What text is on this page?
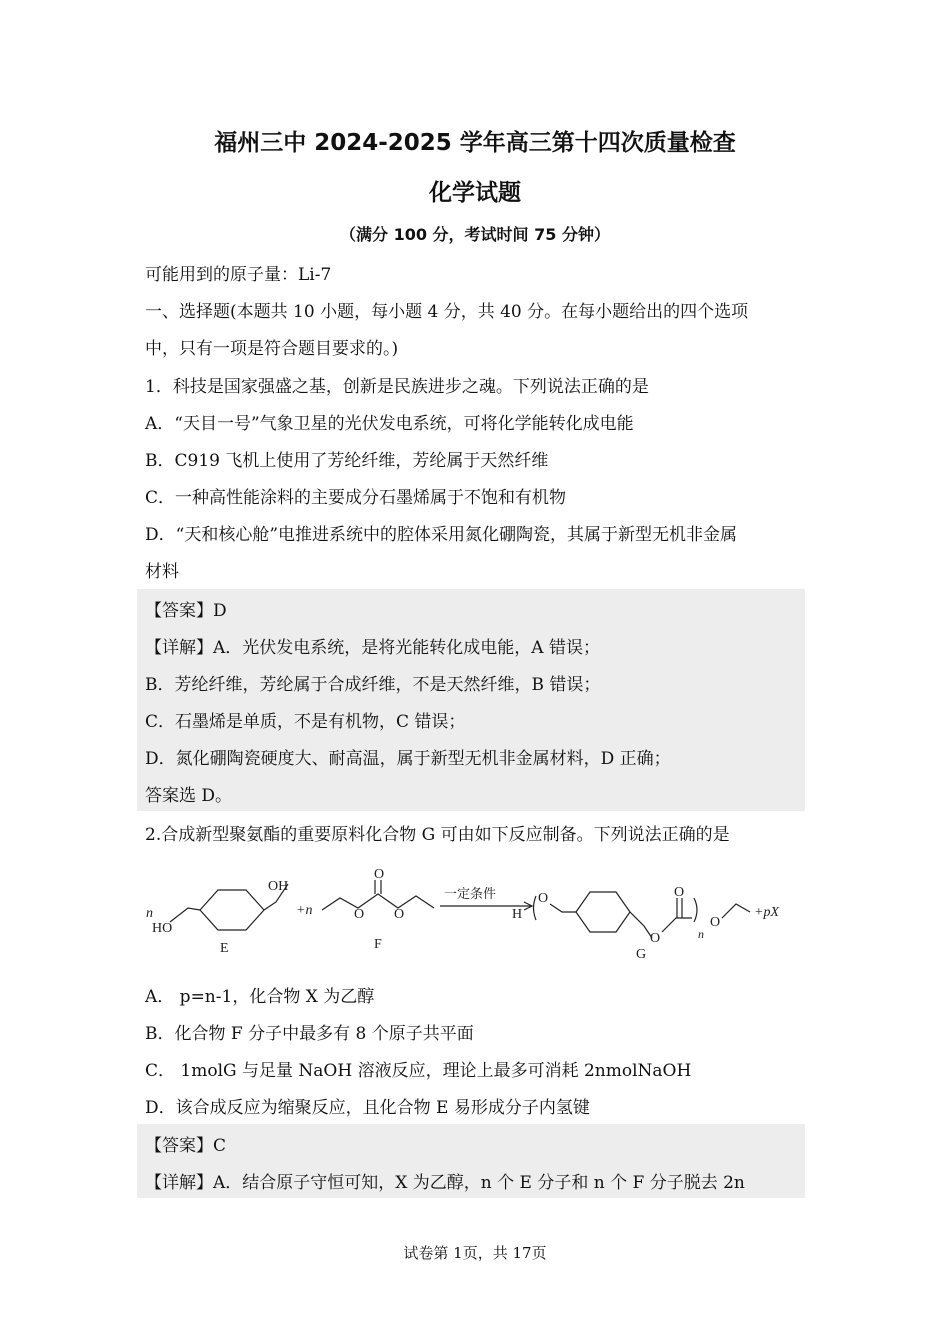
福州三中 2024-2025 学年高三第十四次质量检查
化学试题
（满分 100 分，考试时间 75 分钟）
可能用到的原子量：Li-7
一、选择题(本题共 10 小题，每小题 4 分，共 40 分。在每小题给出的四个选项
中，只有一项是符合题目要求的。)
1．科技是国家强盛之基，创新是民族进步之魂。下列说法正确的是
A．“天目一号”气象卫星的光伏发电系统，可将化学能转化成电能
B．C919 飞机上使用了芳纶纤维，芳纶属于天然纤维
C．一种高性能涂料的主要成分石墨烯属于不饱和有机物
D．“天和核心舱”电推进系统中的腔体采用氮化硼陶瓷，其属于新型无机非金属
材料
【答案】D
【详解】A．光伏发电系统，是将光能转化成电能，A 错误；
B．芳纶纤维，芳纶属于合成纤维，不是天然纤维，B 错误；
C．石墨烯是单质，不是有机物，C 错误；
D．氮化硼陶瓷硬度大、耐高温，属于新型无机非金属材料，D 正确；
答案选 D。
2.合成新型聚氨酯的重要原料化合物 G 可由如下反应制备。下列说法正确的是
n
HO
OH
E
+n
O
O O
F
一定条件
H
O
O
O
O
n
G
+pX
A． p=n-1，化合物 X 为乙醇
B．化合物 F 分子中最多有 8 个原子共平面
C． 1molG 与足量 NaOH 溶液反应，理论上最多可消耗 2nmolNaOH
D．该合成反应为缩聚反应，且化合物 E 易形成分子内氢键
【答案】C
【详解】A．结合原子守恒可知，X 为乙醇，n 个 E 分子和 n 个 F 分子脱去 2n
试卷第 1页，共 17页
